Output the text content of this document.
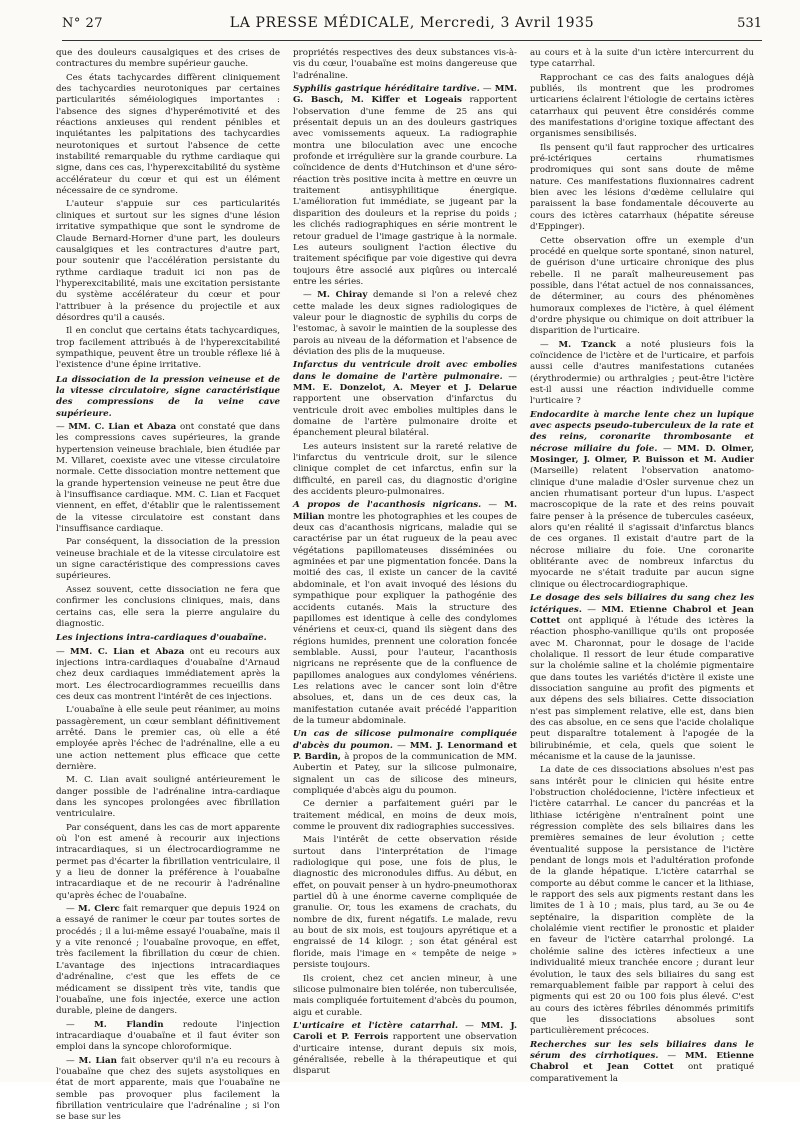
N° 27	LA PRESSE MÉDICALE, Mercredi, 3 Avril 1935	531

que des douleurs causalgiques et des crises de contractures du membre supérieur gauche.

Ces états tachycardes diffèrent cliniquement des tachycardies neurotoniques par certaines particularités séméiologiques importantes : l'absence des signes d'hyperémotivité et des réactions anxieuses qui rendent pénibles et inquiétantes les palpitations des tachycardies neurotoniques et surtout l'absence de cette instabilité remarquable du rythme cardiaque qui signe, dans ces cas, l'hyperexcitabilité du système accélérateur du cœur et qui est un élément nécessaire de ce syndrome.

L'auteur s'appuie sur ces particularités cliniques et surtout sur les signes d'une lésion irritative sympathique que sont le syndrome de Claude Bernard-Horner d'une part, les douleurs causalgiques et les contractures d'autre part, pour soutenir que l'accélération persistante du rythme cardiaque traduit ici non pas de l'hyperexcitabilité, mais une excitation persistante du système accélérateur du cœur et pour l'attribuer à la présence du projectile et aux désordres qu'il a causés.

Il en conclut que certains états tachycardiques, trop facilement attribués à de l'hyperexcitabilité sympathique, peuvent être un trouble réflexe lié à l'existence d'une épine irritative.

La dissociation de la pression veineuse et de la vitesse circulatoire, signe caractéristique des compressions de la veine cave supérieure.

— MM. C. Lian et Abaza ont constaté que dans les compressions caves supérieures, la grande hypertension veineuse brachiale, bien étudiée par M. Villaret, coexiste avec une vitesse circulatoire normale. Cette dissociation montre nettement que la grande hypertension veineuse ne peut être due à l'insuffisance cardiaque. MM. C. Lian et Facquet viennent, en effet, d'établir que le ralentissement de la vitesse circulatoire est constant dans l'insuffisance cardiaque.

Par conséquent, la dissociation de la pression veineuse brachiale et de la vitesse circulatoire est un signe caractéristique des compressions caves supérieures.

Assez souvent, cette dissociation ne fera que confirmer les conclusions cliniques, mais, dans certains cas, elle sera la pierre angulaire du diagnostic.

Les injections intra-cardiaques d'ouabaïne.

— MM. C. Lian et Abaza ont eu recours aux injections intra-cardiaques d'ouabaïne d'Arnaud chez deux cardiaques immédiatement après la mort. Les électrocardiogrammes recueillis dans ces deux cas montrent l'intérêt de ces injections.

L'ouabaïne à elle seule peut réanimer, au moins passagèrement, un cœur semblant définitivement arrêté. Dans le premier cas, où elle a été employée après l'échec de l'adrénaline, elle a eu une action nettement plus efficace que cette dernière.

M. C. Lian avait souligné antérieurement le danger possible de l'adrénaline intra-cardiaque dans les syncopes prolongées avec fibrillation ventriculaire.

Par conséquent, dans les cas de mort apparente où l'on est amené à recourir aux injections intracardiaques, si un électrocardiogramme ne permet pas d'écarter la fibrillation ventriculaire, il y a lieu de donner la préférence à l'ouabaïne intracardiaque et de ne recourir à l'adrénaline qu'après échec de l'ouabaïne.

— M. Clerc fait remarquer que depuis 1924 on a essayé de ranimer le cœur par toutes sortes de procédés ; il a lui-même essayé l'ouabaïne, mais il y a vite renoncé ; l'ouabaïne provoque, en effet, très facilement la fibrillation du cœur de chien. L'avantage des injections intracardiaques d'adrénaline, c'est que les effets de ce médicament se dissipent très vite, tandis que l'ouabaïne, une fois injectée, exerce une action durable, pleine de dangers.

— M. Flandin redoute l'injection intracardiaque d'ouabaïne et il faut éviter son emploi dans la syncope chloroformique.

— M. Lian fait observer qu'il n'a eu recours à l'ouabaïne que chez des sujets asystoliques en état de mort apparente, mais que l'ouabaïne ne semble pas provoquer plus facilement la fibrillation ventriculaire que l'adrénaline ; si l'on se base sur les

propriétés respectives des deux substances vis-à-vis du cœur, l'ouabaïne est moins dangereuse que l'adrénaline.

Syphilis gastrique héréditaire tardive. — MM. G. Basch, M. Kiffer et Logeais rapportent l'observation d'une femme de 25 ans qui présentait depuis un an des douleurs gastriques avec vomissements aqueux. La radiographie montra une biloculation avec une encoche profonde et irrégulière sur la grande courbure. La coïncidence de dents d'Hutchinson et d'une séro-réaction très positive incita à mettre en œuvre un traitement antisyphilitique énergique. L'amélioration fut immédiate, se jugeant par la disparition des douleurs et la reprise du poids ; les clichés radiographiques en série montrent le retour graduel de l'image gastrique à la normale. Les auteurs soulignent l'action élective du traitement spécifique par voie digestive qui devra toujours être associé aux piqûres ou intercalé entre les séries.

— M. Chiray demande si l'on a relevé chez cette malade les deux signes radiologiques de valeur pour le diagnostic de syphilis du corps de l'estomac, à savoir le maintien de la souplesse des parois au niveau de la déformation et l'absence de déviation des plis de la muqueuse.

Infarctus du ventricule droit avec embolies dans le domaine de l'artère pulmonaire. — MM. E. Donzelot, A. Meyer et J. Delarue rapportent une observation d'infarctus du ventricule droit avec embolies multiples dans le domaine de l'artère pulmonaire droite et épanchement pleural bilatéral.

Les auteurs insistent sur la rareté relative de l'infarctus du ventricule droit, sur le silence clinique complet de cet infarctus, enfin sur la difficulté, en pareil cas, du diagnostic d'origine des accidents pleuro-pulmonaires.

A propos de l'acanthosis nigricans. — M. Milian montre les photographies et les coupes de deux cas d'acanthosis nigricans, maladie qui se caractérise par un état rugueux de la peau avec végétations papillomateuses disséminées ou agminées et par une pigmentation foncée. Dans la moitié des cas, il existe un cancer de la cavité abdominale, et l'on avait invoqué des lésions du sympathique pour expliquer la pathogénie des accidents cutanés. Mais la structure des papillomes est identique à celle des condylomes vénériens et ceux-ci, quand ils siègent dans des régions humides, prennent une coloration foncée semblable. Aussi, pour l'auteur, l'acanthosis nigricans ne représente que de la confluence de papillomes analogues aux condylomes vénériens. Les relations avec le cancer sont loin d'être absolues, et, dans un de ces deux cas, la manifestation cutanée avait précédé l'apparition de la tumeur abdominale.

Un cas de silicose pulmonaire compliquée d'abcès du poumon. — MM. J. Lenormand et P. Bardin, à propos de la communication de MM. Aubertin et Patey, sur la silicose pulmonaire, signalent un cas de silicose des mineurs, compliquée d'abcès aigu du poumon.

Ce dernier a parfaitement guéri par le traitement médical, en moins de deux mois, comme le prouvent dix radiographies successives.

Mais l'intérêt de cette observation réside surtout dans l'interprétation de l'image radiologique qui pose, une fois de plus, le diagnostic des micronodules diffus. Au début, en effet, on pouvait penser à un hydro-pneumothorax partiel dû à une énorme caverne compliquée de granulie. Or, tous les examens de crachats, du nombre de dix, furent négatifs. Le malade, revu au bout de six mois, est toujours apyrétique et a engraissé de 14 kilogr. ; son état général est floride, mais l'image en « tempête de neige » persiste toujours.

Ils croient, chez cet ancien mineur, à une silicose pulmonaire bien tolérée, non tuberculisée, mais compliquée fortuitement d'abcès du poumon, aigu et curable.

L'urticaire et l'ictère catarrhal. — MM. J. Caroli et P. Ferrois rapportent une observation d'urticaire intense, durant depuis six mois, généralisée, rebelle à la thérapeutique et qui disparut

au cours et à la suite d'un ictère intercurrent du type catarrhal.

Rapprochant ce cas des faits analogues déjà publiés, ils montrent que les prodromes urticariens éclairent l'étiologie de certains ictères catarrhaux qui peuvent être considérés comme des manifestations d'origine toxique affectant des organismes sensibilisés.

Ils pensent qu'il faut rapprocher des urticaires pré-ictériques certains rhumatismes prodromiques qui sont sans doute de même nature. Ces manifestations fluxionnaires cadrent bien avec les lésions d'œdème cellulaire qui paraissent la base fondamentale découverte au cours des ictères catarrhaux (hépatite séreuse d'Eppinger).

Cette observation offre un exemple d'un procédé en quelque sorte spontané, sinon naturel, de guérison d'une urticaire chronique des plus rebelle. Il ne paraît malheureusement pas possible, dans l'état actuel de nos connaissances, de déterminer, au cours des phénomènes humoraux complexes de l'ictère, à quel élément d'ordre physique ou chimique on doit attribuer la disparition de l'urticaire.

— M. Tzanck a noté plusieurs fois la coïncidence de l'ictère et de l'urticaire, et parfois aussi celle d'autres manifestations cutanées (érythrodermie) ou arthralgies ; peut-être l'ictère est-il aussi une réaction individuelle comme l'urticaire ?

Endocardite à marche lente chez un lupique avec aspects pseudo-tuberculeux de la rate et des reins, coronarite thrombosante et nécrose miliaire du foie. — MM. D. Olmer, Mosinger, J. Olmer, P. Buisson et M. Audier (Marseille) relatent l'observation anatomo-clinique d'une maladie d'Osler survenue chez un ancien rhumatisant porteur d'un lupus. L'aspect macroscopique de la rate et des reins pouvait faire penser à la présence de tubercules caséeux, alors qu'en réalité il s'agissait d'infarctus blancs de ces organes. Il existait d'autre part de la nécrose miliaire du foie. Une coronarite oblitérante avec de nombreux infarctus du myocarde ne s'était traduite par aucun signe clinique ou électrocardiographique.

Le dosage des sels biliaires du sang chez les ictériques. — MM. Etienne Chabrol et Jean Cottet ont appliqué à l'étude des ictères la réaction phospho-vanillique qu'ils ont proposée avec M. Charonnat, pour le dosage de l'acide cholalique. Il ressort de leur étude comparative sur la cholémie saline et la cholémie pigmentaire que dans toutes les variétés d'ictère il existe une dissociation sanguine au profit des pigments et aux dépens des sels biliaires. Cette dissociation n'est pas simplement relative, elle est, dans bien des cas absolue, en ce sens que l'acide cholalique peut disparaître totalement à l'apogée de la bilirubinémie, et cela, quels que soient le mécanisme et la cause de la jaunisse.

La date de ces dissociations absolues n'est pas sans intérêt pour le clinicien qui hésite entre l'obstruction cholédocienne, l'ictère infectieux et l'ictère catarrhal. Le cancer du pancréas et la lithiase ictérigène n'entraînent point une régression complète des sels biliaires dans les premières semaines de leur évolution ; cette éventualité suppose la persistance de l'ictère pendant de longs mois et l'adultération profonde de la glande hépatique. L'ictère catarrhal se comporte au début comme le cancer et la lithiase, le rapport des sels aux pigments restant dans les limites de 1 à 10 ; mais, plus tard, au 3e ou 4e septénaire, la disparition complète de la cholalémie vient rectifier le pronostic et plaider en faveur de l'ictère catarrhal prolongé. La cholémie saline des ictères infectieux a une individualité mieux tranchée encore ; durant leur évolution, le taux des sels biliaires du sang est remarquablement faible par rapport à celui des pigments qui est 20 ou 100 fois plus élevé. C'est au cours des ictères fébriles dénommés primitifs que les dissociations absolues sont particulièrement précoces.

Recherches sur les sels biliaires dans le sérum des cirrhotiques. — MM. Etienne Chabrol et Jean Cottet ont pratiqué comparativement la
